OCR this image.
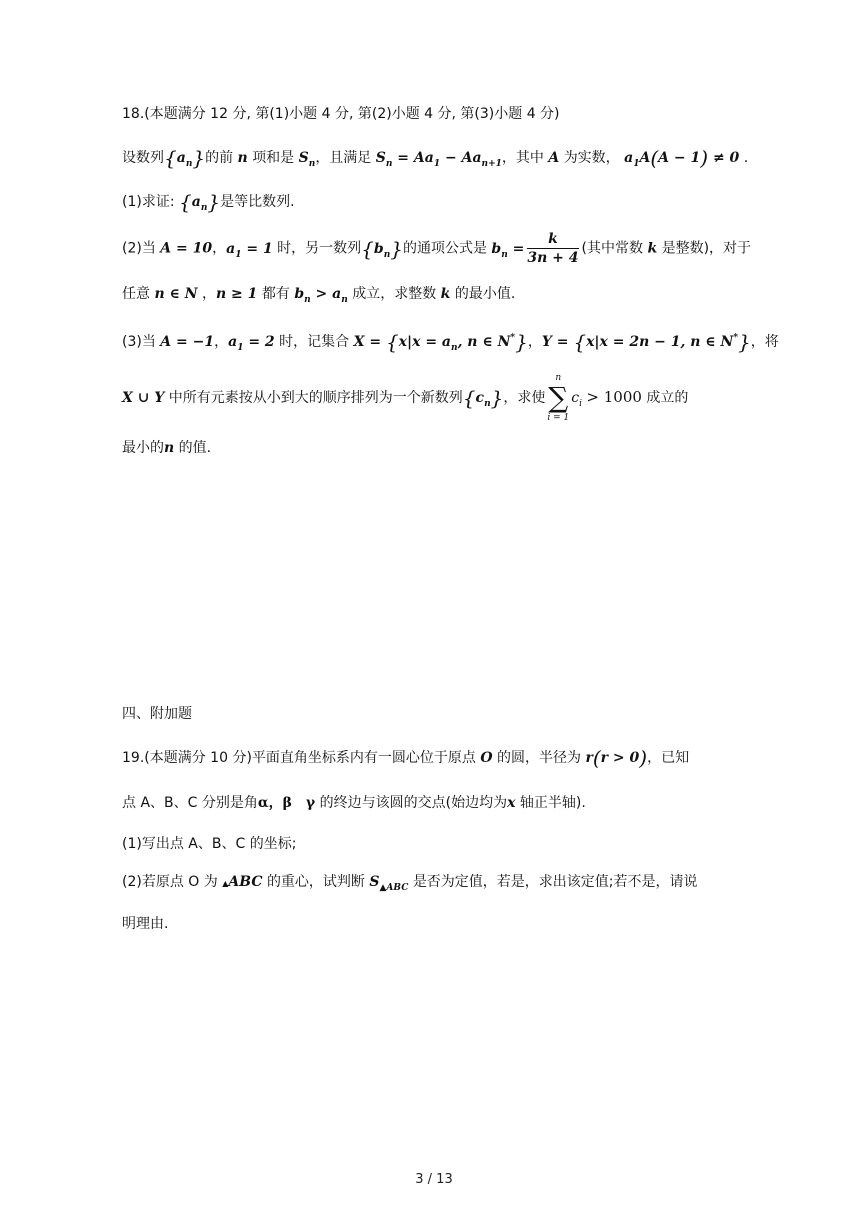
18.(本题满分 12 分, 第(1)小题 4 分, 第(2)小题 4 分, 第(3)小题 4 分)
设数列$\{a_n\}$的前 n 项和是 $S_n$，且满足 $S_n = Aa_1 - Aa_{n+1}$，其中 A 为实数， $a_1A(A - 1) \ne 0$ .
(1)求证: $\{a_n\}$是等比数列.
(2)当 A = 10，$a_1 = 1$ 时，另一数列$\{b_n\}$的通项公式是 $b_n = \frac{k}{3n + 4}$ (其中常数 k 是整数)，对于
任意 n ∈ N ，n ≥ 1 都有 $b_n > a_n$ 成立，求整数 k 的最小值.
(3)当 A = −1，$a_1 = 2$ 时，记集合 $X = \{x|x = a_n$, n ∈ N*}，Y = {x|x = 2n − 1, n ∈ N*}，将
X ∪ Y 中所有元素按从小到大的顺序排列为一个新数列$\{c_n\}$，求使
n
∑
i = 1
$c_i > 1000$ 成立的
最小的n 的值.
四、附加题
19.(本题满分 10 分)平面直角坐标系内有一圆心位于原点 O 的圆，半径为 r(r > 0)，已知
点 A、B、C 分别是角α，β　γ 的终边与该圆的交点(始边均为x 轴正半轴).
(1)写出点 A、B、C 的坐标;
(2)若原点 O 为 ▲ABC 的重心，试判断 $S_{▲ABC}$ 是否为定值，若是，求出该定值;若不是，请说
明理由.
3 / 13
